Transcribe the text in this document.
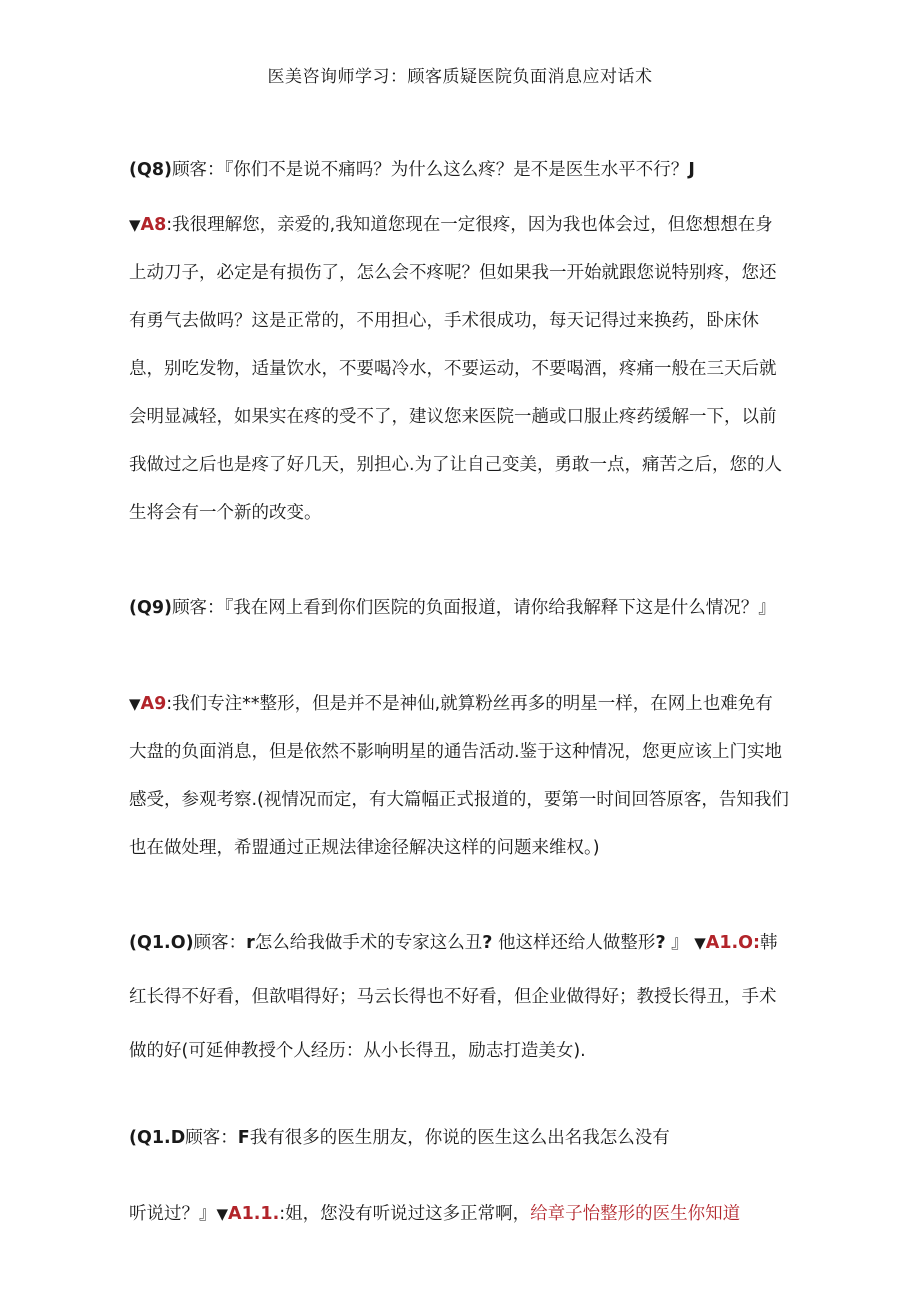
医美咨询师学习：顾客质疑医院负面消息应对话术
(Q8)顾客：『你们不是说不痛吗？为什么这么疼？是不是医生水平不行？J
▼A8:我很理解您，亲爱的,我知道您现在一定很疼，因为我也体会过，但您想想在身上动刀子，必定是有损伤了，怎么会不疼呢？但如果我一开始就跟您说特别疼，您还有勇气去做吗？这是正常的，不用担心，手术很成功，每天记得过来换药，卧床休息，别吃发物，适量饮水，不要喝冷水，不要运动，不要喝酒，疼痛一般在三天后就会明显减轻，如果实在疼的受不了，建议您来医院一趟或口服止疼药缓解一下，以前我做过之后也是疼了好几天，别担心.为了让自己变美，勇敢一点，痛苦之后，您的人生将会有一个新的改变。
(Q9)顾客：『我在网上看到你们医院的负面报道，请你给我解释下这是什么情况？』
▼A9:我们专注**整形，但是并不是神仙,就算粉丝再多的明星一样，在网上也难免有大盘的负面消息，但是依然不影响明星的通告活动.鉴于这种情况，您更应该上门实地感受，参观考察.(视情况而定，有大篇幅正式报道的，要第一时间回答原客，告知我们也在做处理，希盟通过正规法律途径解决这样的问题来维权。)
(Q1.O)顾客：r怎么给我做手术的专家这么丑? 他这样还给人做整形? 』 ▼A1.O:韩红长得不好看，但歆唱得好；马云长得也不好看，但企业做得好；教授长得丑，手术做的好(可延伸教授个人经历：从小长得丑，励志打造美女).
(Q1.D顾客：F我有很多的医生朋友，你说的医生这么出名我怎么没有
听说过？』▼A1.1.:姐，您没有听说过这多正常啊，给章子怡整形的医生你知道
